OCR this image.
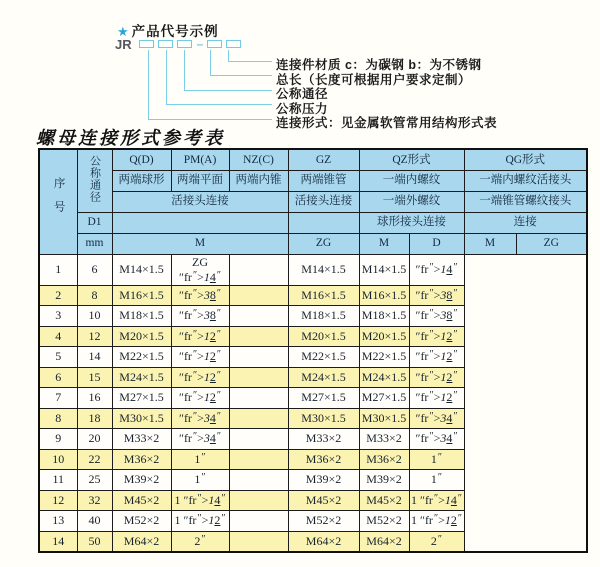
★ 产品代号示例
JR	–
连接件材质 c：为碳钢 b：为不锈钢
总长（长度可根据用户要求定制）
公称通径
公称压力
连接形式：见金属软管常用结构形式表
螺母连接形式参考表
序号	公称通径	Q(D)	PM(A)	NZ(C)	GZ	QZ形式		QG形式	
		两端球形	两端平面	两端内锥	两端锥管	一端内螺纹		一端内螺纹活接头	
		活接头连接			活接头连接	一端外螺纹		一端锥管螺纹接头	
	D1					球形接头连接		连接	
	mm	M			ZG	M	D	M	ZG
1	6	M14×1.5	ZG ″fr″>14″		M14×1.5	M14×1.5	″fr″>14″
2	8	M16×1.5	″fr″>38″		M16×1.5	M16×1.5	″fr″>38″
3	10	M18×1.5	″fr″>38″		M18×1.5	M18×1.5	″fr″>38″
4	12	M20×1.5	″fr″>12″		M20×1.5	M20×1.5	″fr″>12″
5	14	M22×1.5	″fr″>12″		M22×1.5	M22×1.5	″fr″>12″
6	15	M24×1.5	″fr″>12″		M24×1.5	M24×1.5	″fr″>12″
7	16	M27×1.5	″fr″>12″		M27×1.5	M27×1.5	″fr″>12″
8	18	M30×1.5	″fr″>34″		M30×1.5	M30×1.5	″fr″>34″
9	20	M33×2	″fr″>34″		M33×2	M33×2	″fr″>34″
10	22	M36×2	1″		M36×2	M36×2	1″
11	25	M39×2	1″		M39×2	M39×2	1″
12	32	M45×2	1 ″fr″>14″		M45×2	M45×2	1 ″fr″>14″
13	40	M52×2	1 ″fr″>12″		M52×2	M52×2	1 ″fr″>12″
14	50	M64×2	2″		M64×2	M64×2	2″
